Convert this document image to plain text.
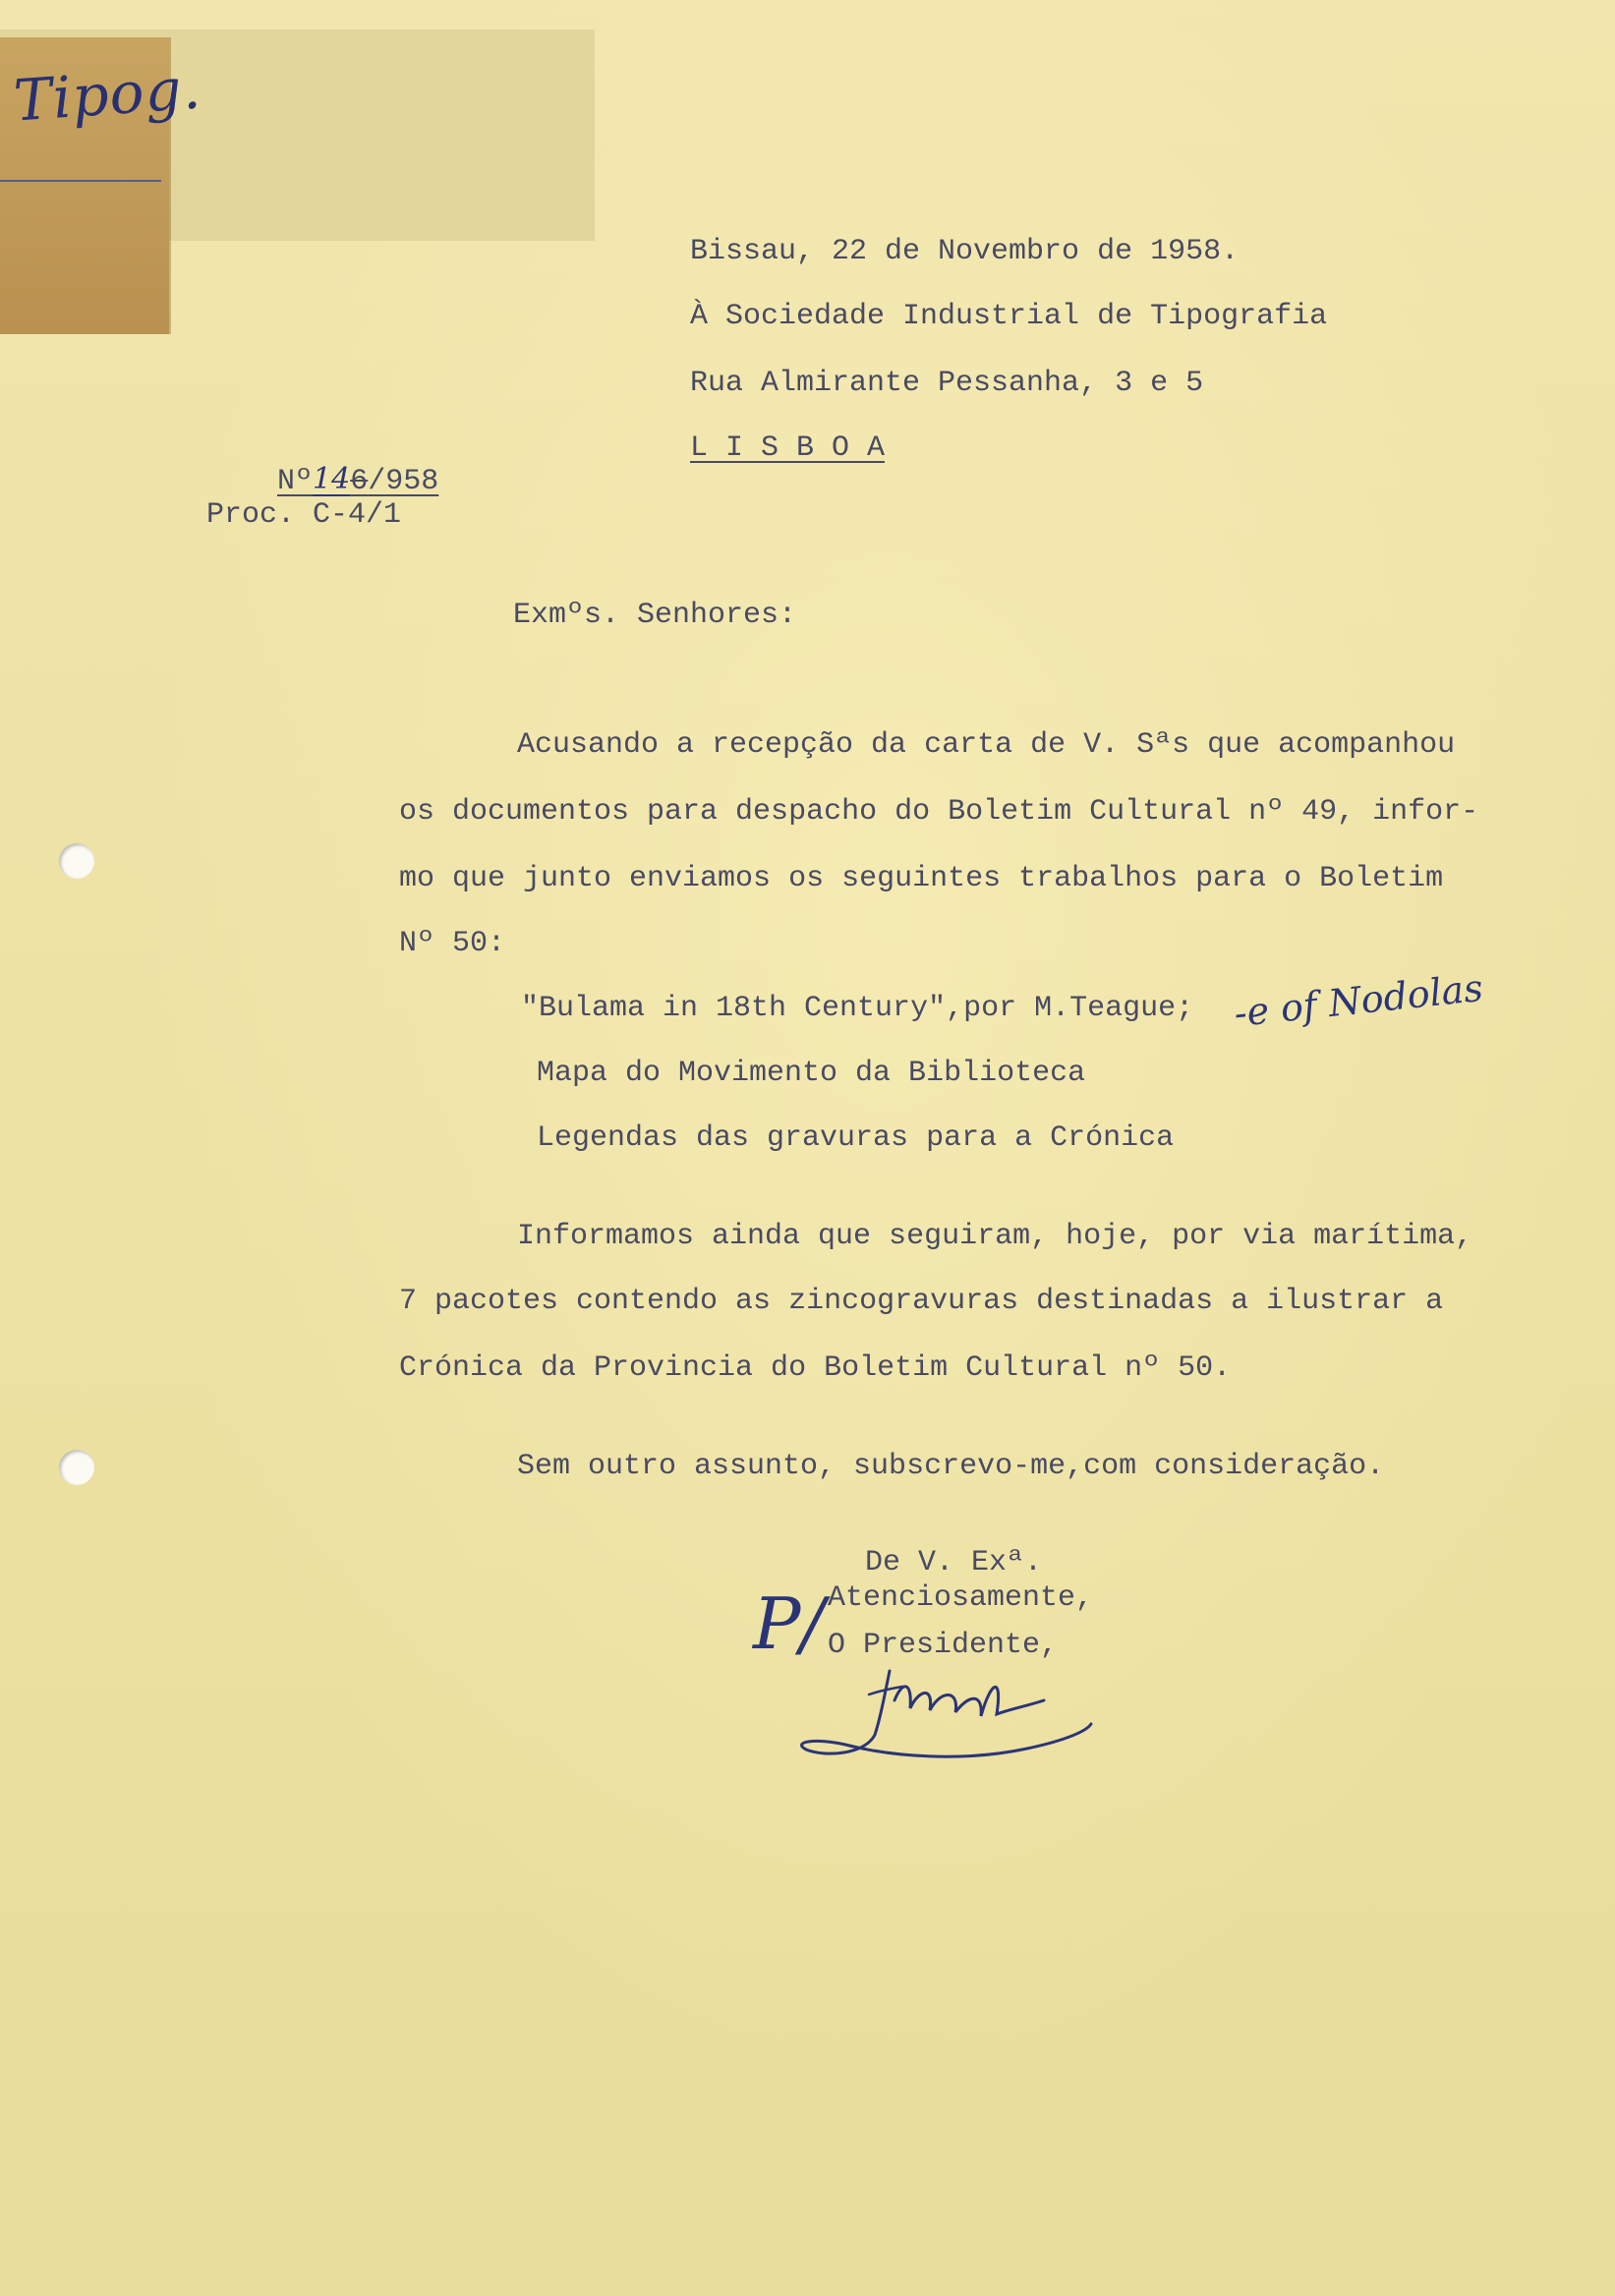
Tipog.
Bissau, 22 de Novembro de 1958.
À Sociedade Industrial de Tipografia
Rua Almirante Pessanha, 3 e 5
L I S B O A

Nº146/958

Proc. C-4/1
Exmºs. Senhores:
Acusando a recepção da carta de V. Sªs que acompanhou
os documentos para despacho do Boletim Cultural nº 49, infor-
mo que junto enviamos os seguintes trabalhos para o Boletim
Nº 50:
"Bulama in 18th Century",por M.Teague; -e of Nodolas
Mapa do Movimento da Biblioteca
Legendas das gravuras para a Crónica
Informamos ainda que seguiram, hoje, por via marítima,
7 pacotes contendo as zincogravuras destinadas a ilustrar a
Crónica da Provincia do Boletim Cultural nº 50.
Sem outro assunto, subscrevo-me,com consideração.
De V. Exª.
Atenciosamente,
O Presidente,
P/
